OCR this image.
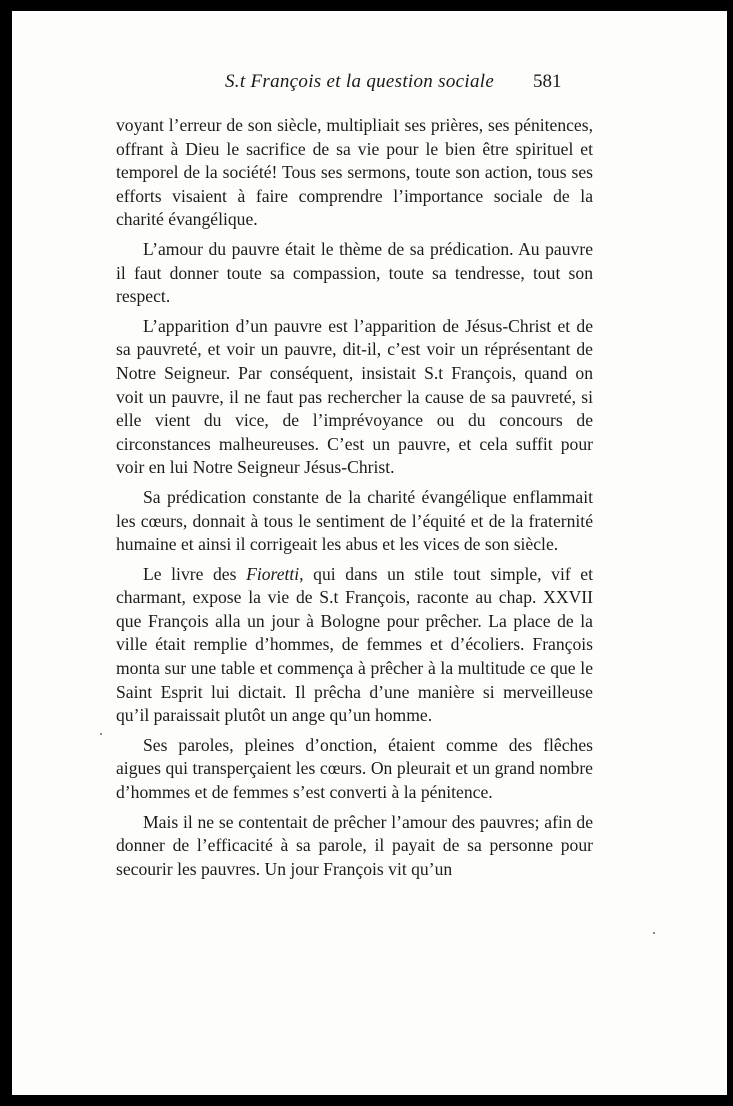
S.t François et la question sociale 581

voyant l’erreur de son siècle, multipliait ses prières, ses pénitences, offrant à Dieu le sacrifice de sa vie pour le bien être spirituel et temporel de la société! Tous ses sermons, toute son action, tous ses efforts visaient à faire comprendre l’importance sociale de la charité évangélique.

L’amour du pauvre était le thème de sa prédication. Au pauvre il faut donner toute sa compassion, toute sa tendresse, tout son respect.

L’apparition d’un pauvre est l’apparition de Jésus-Christ et de sa pauvreté, et voir un pauvre, dit-il, c’est voir un réprésentant de Notre Seigneur. Par conséquent, insistait S.t François, quand on voit un pauvre, il ne faut pas rechercher la cause de sa pauvreté, si elle vient du vice, de l’imprévoyance ou du concours de circonstances malheureuses. C’est un pauvre, et cela suffit pour voir en lui Notre Seigneur Jésus-Christ.

Sa prédication constante de la charité évangélique enflammait les cœurs, donnait à tous le sentiment de l’équité et de la fraternité humaine et ainsi il corrigeait les abus et les vices de son siècle.

Le livre des Fioretti, qui dans un stile tout simple, vif et charmant, expose la vie de S.t François, raconte au chap. XXVII que François alla un jour à Bologne pour prêcher. La place de la ville était remplie d’hommes, de femmes et d’écoliers. François monta sur une table et commença à prêcher à la multitude ce que le Saint Esprit lui dictait. Il prêcha d’une manière si merveilleuse qu’il paraissait plutôt un ange qu’un homme.

Ses paroles, pleines d’onction, étaient comme des flêches aigues qui transperçaient les cœurs. On pleurait et un grand nombre d’hommes et de femmes s’est converti à la pénitence.

Mais il ne se contentait de prêcher l’amour des pauvres; afin de donner de l’efficacité à sa parole, il payait de sa personne pour secourir les pauvres. Un jour François vit qu’un
